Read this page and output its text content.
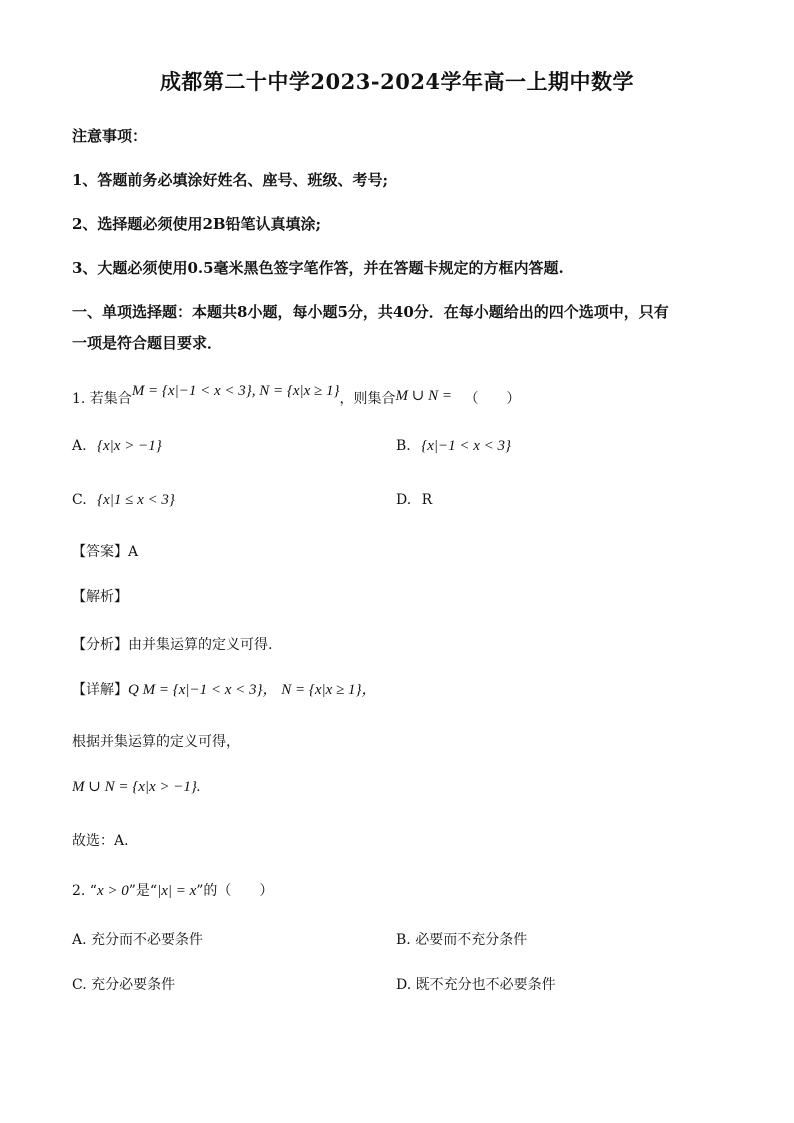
成都第二十中学2023-2024学年高一上期中数学
注意事项：
1、答题前务必填涂好姓名、座号、班级、考号;
2、选择题必须使用2B铅笔认真填涂;
3、大题必须使用0.5毫米黑色签字笔作答，并在答题卡规定的方框内答题.
一、单项选择题：本题共8小题，每小题5分，共40分．在每小题给出的四个选项中，只有
一项是符合题目要求．
1. 若集合M = {x|−1 < x < 3}, N = {x|x ≥ 1}，则集合M ∪ N = （　　）
A. {x|x > −1}	B. {x|−1 < x < 3}
C. {x|1 ≤ x < 3}	D. R
【答案】A
【解析】
【分析】由并集运算的定义可得.
【详解】Q M = {x|−1 < x < 3}， N = {x|x ≥ 1}，
根据并集运算的定义可得，
M ∪ N = {x|x > −1}.
故选：A.
2. “x > 0”是“|x| = x”的（　　）
A. 充分而不必要条件	B. 必要而不充分条件
C. 充分必要条件	D. 既不充分也不必要条件
